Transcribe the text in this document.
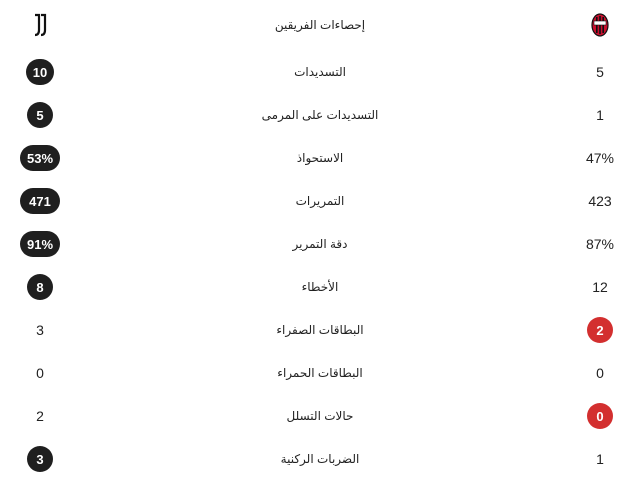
إحصاءات الفريقين
10	التسديدات	5
5	التسديدات على المرمى	1
53%	الاستحواذ	47%
471	التمريرات	423
91%	دقة التمرير	87%
8	الأخطاء	12
3	البطاقات الصفراء	2
0	البطاقات الحمراء	0
2	حالات التسلل	0
3	الضربات الركنية	1
